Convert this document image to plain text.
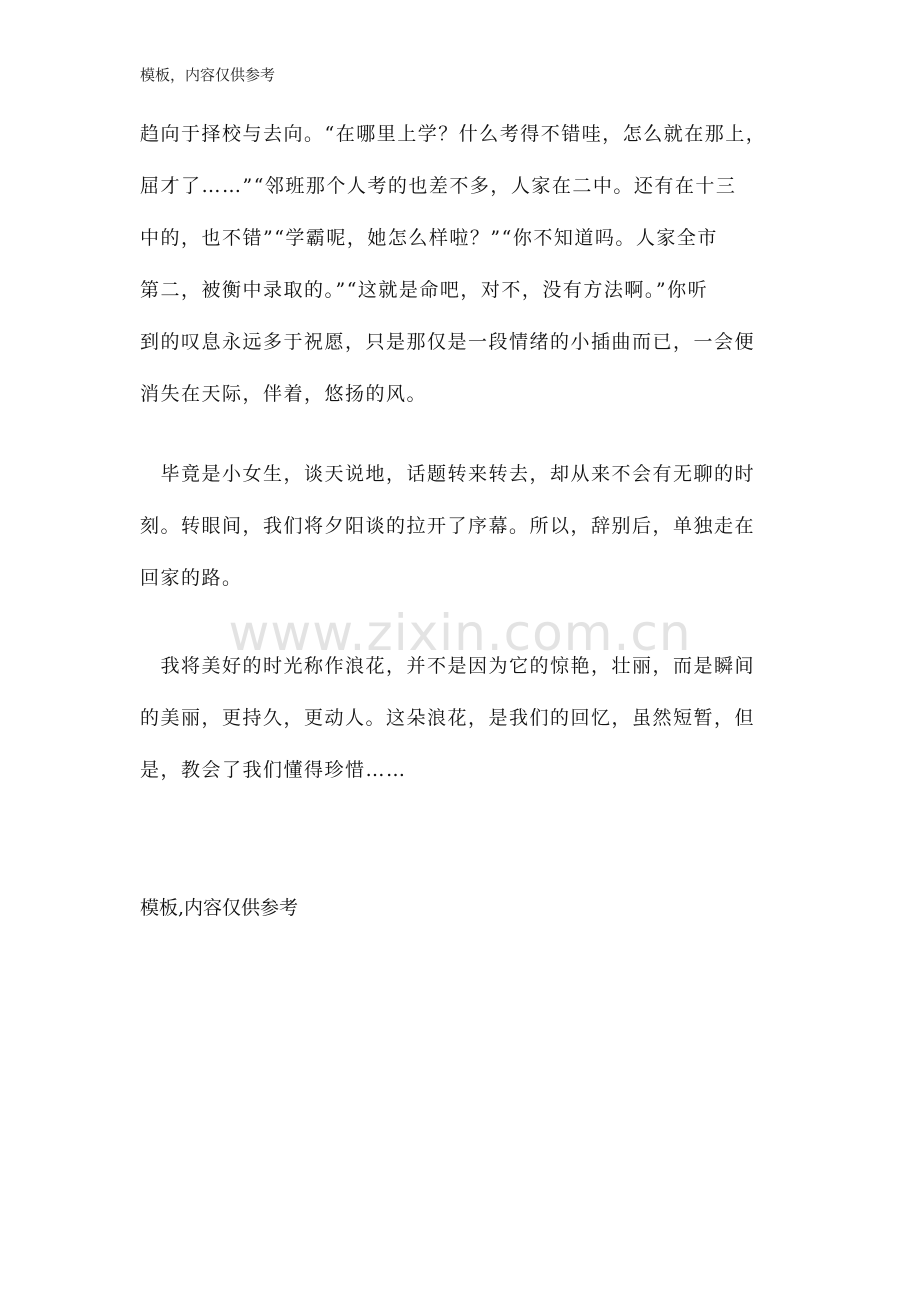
模板，内容仅供参考
趋向于择校与去向。“在哪里上学？什么考得不错哇，怎么就在那上，
屈才了……”“邻班那个人考的也差不多，人家在二中。还有在十三
中的，也不错”“学霸呢，她怎么样啦？”“你不知道吗。人家全市
第二，被衡中录取的。”“这就是命吧，对不，没有方法啊。”你听
到的叹息永远多于祝愿，只是那仅是一段情绪的小插曲而已，一会便
消失在天际，伴着，悠扬的风。
　毕竟是小女生，谈天说地，话题转来转去，却从来不会有无聊的时
刻。转眼间，我们将夕阳谈的拉开了序幕。所以，辞别后，单独走在
回家的路。
www.zixin.com.cn
　我将美好的时光称作浪花，并不是因为它的惊艳，壮丽，而是瞬间
的美丽，更持久，更动人。这朵浪花，是我们的回忆，虽然短暂，但
是，教会了我们懂得珍惜……
模板,内容仅供参考
